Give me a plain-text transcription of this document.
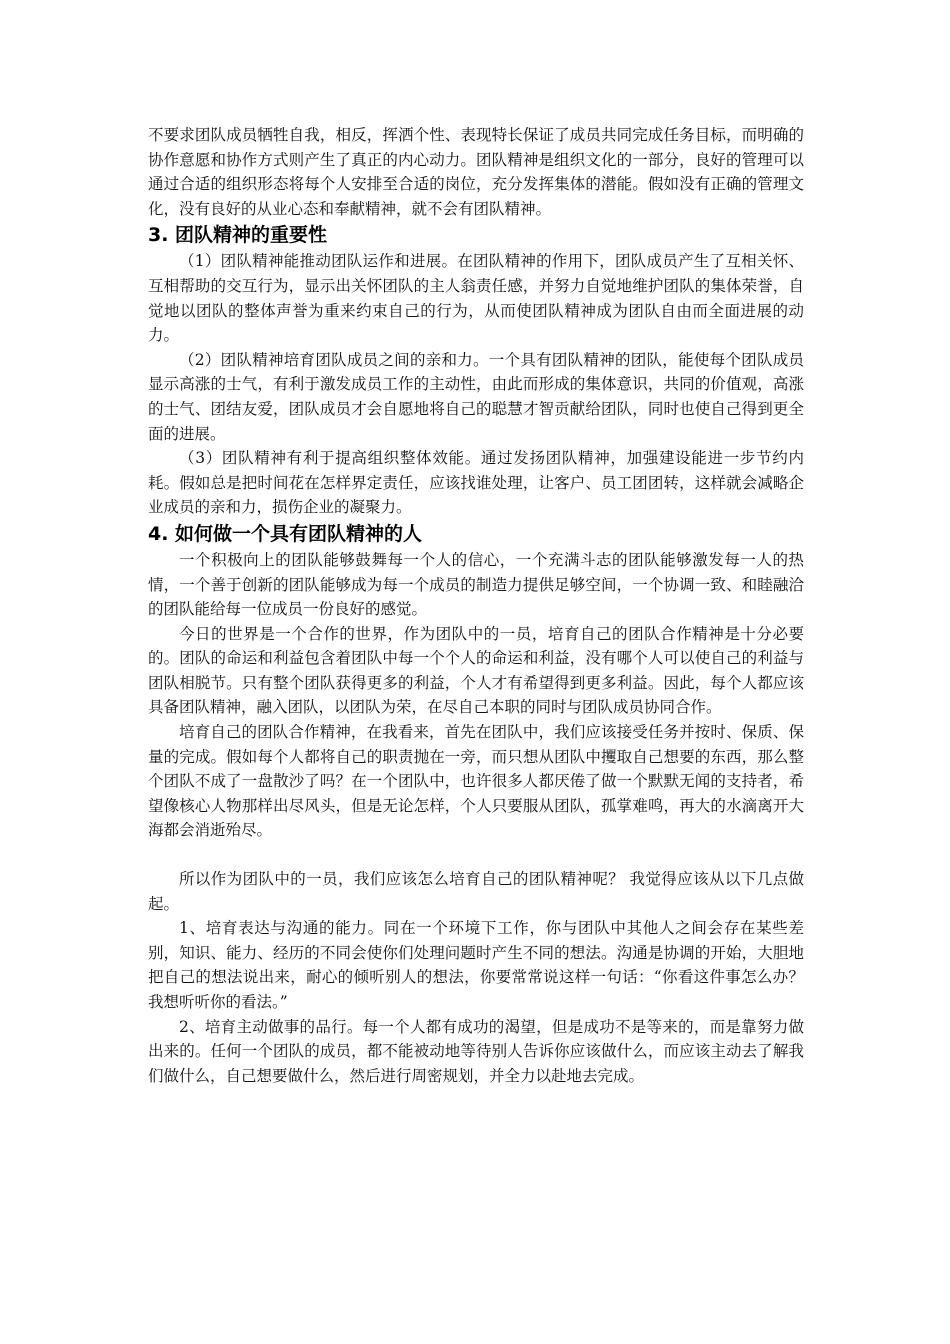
不要求团队成员牺牲自我，相反，挥洒个性、表现特长保证了成员共同完成任务目标，而明确的协作意愿和协作方式则产生了真正的内心动力。团队精神是组织文化的一部分，良好的管理可以通过合适的组织形态将每个人安排至合适的岗位，充分发挥集体的潜能。假如没有正确的管理文化，没有良好的从业心态和奉献精神，就不会有团队精神。

3. 团队精神的重要性

（1）团队精神能推动团队运作和进展。在团队精神的作用下，团队成员产生了互相关怀、互相帮助的交互行为，显示出关怀团队的主人翁责任感，并努力自觉地维护团队的集体荣誉，自觉地以团队的整体声誉为重来约束自己的行为，从而使团队精神成为团队自由而全面进展的动力。

（2）团队精神培育团队成员之间的亲和力。一个具有团队精神的团队，能使每个团队成员显示高涨的士气，有利于激发成员工作的主动性，由此而形成的集体意识，共同的价值观，高涨的士气、团结友爱，团队成员才会自愿地将自己的聪慧才智贡献给团队，同时也使自己得到更全面的进展。

（3）团队精神有利于提高组织整体效能。通过发扬团队精神，加强建设能进一步节约内耗。假如总是把时间花在怎样界定责任，应该找谁处理，让客户、员工团团转，这样就会减略企业成员的亲和力，损伤企业的凝聚力。

4. 如何做一个具有团队精神的人

一个积极向上的团队能够鼓舞每一个人的信心，一个充满斗志的团队能够激发每一人的热情，一个善于创新的团队能够成为每一个成员的制造力提供足够空间，一个协调一致、和睦融洽的团队能给每一位成员一份良好的感觉。

今日的世界是一个合作的世界，作为团队中的一员，培育自己的团队合作精神是十分必要的。团队的命运和利益包含着团队中每一个个人的命运和利益，没有哪个人可以使自己的利益与团队相脱节。只有整个团队获得更多的利益，个人才有希望得到更多利益。因此，每个人都应该具备团队精神，融入团队，以团队为荣，在尽自己本职的同时与团队成员协同合作。

培育自己的团队合作精神，在我看来，首先在团队中，我们应该接受任务并按时、保质、保量的完成。假如每个人都将自己的职责抛在一旁，而只想从团队中攫取自己想要的东西，那么整个团队不成了一盘散沙了吗？在一个团队中，也许很多人都厌倦了做一个默默无闻的支持者，希望像核心人物那样出尽风头，但是无论怎样，个人只要服从团队，孤掌难鸣，再大的水滴离开大海都会消逝殆尽。

所以作为团队中的一员，我们应该怎么培育自己的团队精神呢？ 我觉得应该从以下几点做起。

1、培育表达与沟通的能力。同在一个环境下工作，你与团队中其他人之间会存在某些差别，知识、能力、经历的不同会使你们处理问题时产生不同的想法。沟通是协调的开始，大胆地把自己的想法说出来，耐心的倾听别人的想法，你要常常说这样一句话：“你看这件事怎么办？我想听听你的看法。”

2、培育主动做事的品行。每一个人都有成功的渴望，但是成功不是等来的，而是靠努力做出来的。任何一个团队的成员，都不能被动地等待别人告诉你应该做什么，而应该主动去了解我们做什么，自己想要做什么，然后进行周密规划，并全力以赴地去完成。
